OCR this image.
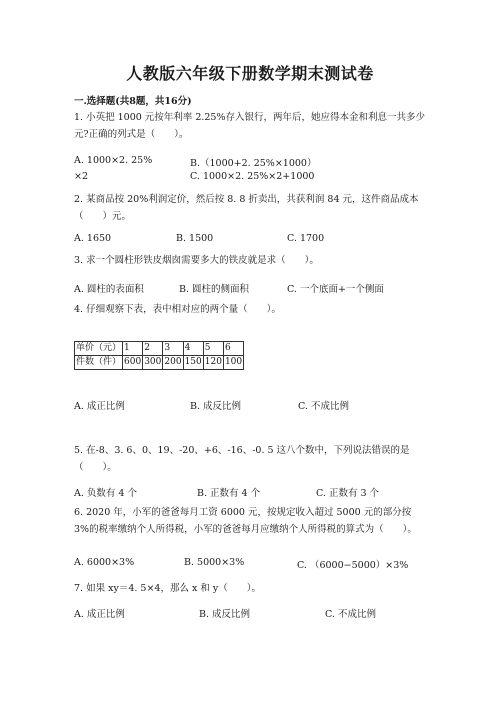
人教版六年级下册数学期末测试卷
一.选择题(共8题，共16分)
1. 小英把 1000 元按年利率 2.25%存入银行，两年后，她应得本金和利息一共多少元?正确的列式是（　　）。
A. 1000×2. 25%	B.（1000+2. 25%×1000）
×2	C. 1000×2. 25%×2+1000
2. 某商品按 20%利润定价，然后按 8. 8 折卖出，共获利润 84 元，这件商品成本（　　）元。
A. 1650	B. 1500	C. 1700
3. 求一个圆柱形铁皮烟囱需要多大的铁皮就是求（　　）。
A. 圆柱的表面积	B. 圆柱的侧面积	C. 一个底面+一个侧面
4. 仔细观察下表，表中相对应的两个量（　　）。
单价（元）	1	2	3	4	5	6
件数（件）	600	300	200	150	120	100
A. 成正比例	B. 成反比例	C. 不成比例
5. 在-8、3. 6、0、19、-20、+6、-16、-0. 5 这八个数中，下列说法错误的是（　　）。
A. 负数有 4 个	B. 正数有 4 个	C. 正数有 3 个
6. 2020 年，小军的爸爸每月工资 6000 元，按规定收入超过 5000 元的部分按 3%的税率缴纳个人所得税，小军的爸爸每月应缴纳个人所得税的算式为（　　）。
A. 6000×3%	B. 5000×3%	C. （6000−5000）×3%
7. 如果 xy＝4. 5×4，那么 x 和 y（　　）。
A. 成正比例	B. 成反比例	C. 不成比例
